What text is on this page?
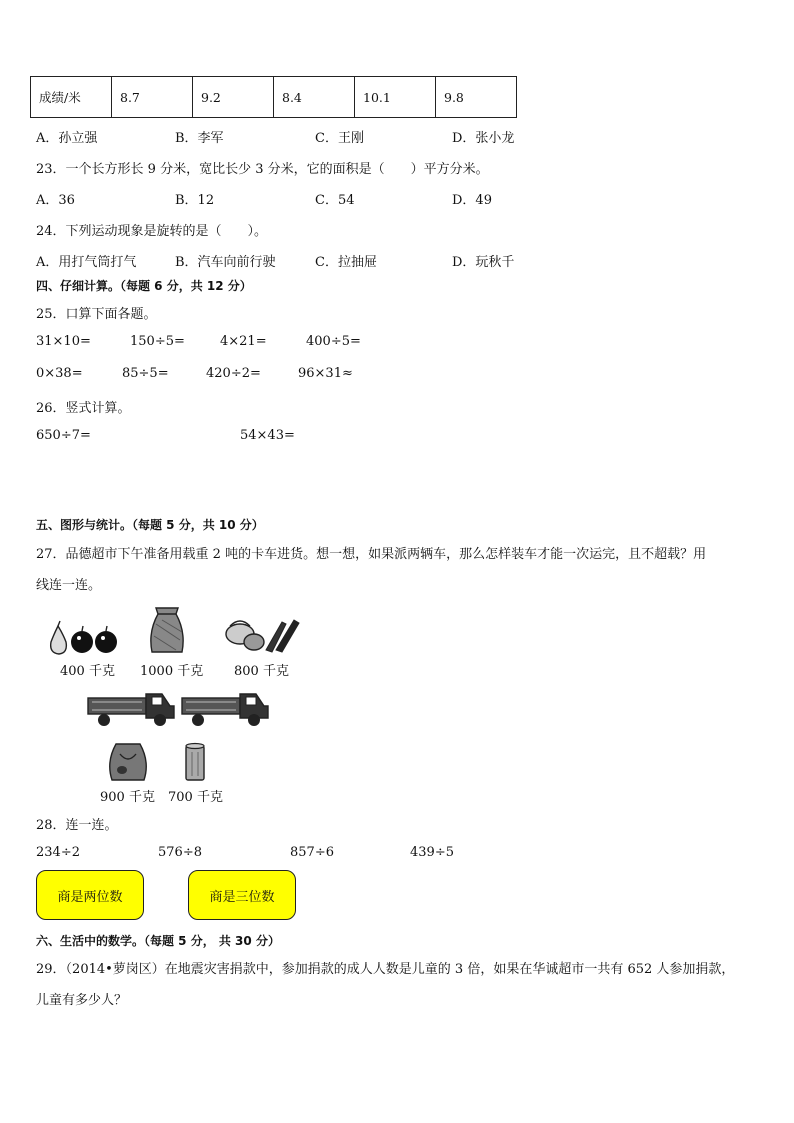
成绩/米	8.7	9.2	8.4	10.1	9.8
A．孙立强	B．李军	C．王刚	D．张小龙
23．一个长方形长 9 分米，宽比长少 3 分米，它的面积是（　　）平方分米。
A．36	B．12	C．54	D．49
24．下列运动现象是旋转的是（　　）。
A．用打气筒打气	B．汽车向前行驶	C．拉抽屉	D．玩秋千
四、仔细计算。（每题 6 分，共 12 分）
25．口算下面各题。
31×10=	150÷5=	4×21=	400÷5=
0×38=	85÷5=	420÷2=	96×31≈
26．竖式计算。
650÷7=	54×43=
五、图形与统计。（每题 5 分，共 10 分）
27．品德超市下午准备用载重 2 吨的卡车进货。想一想，如果派两辆车，那么怎样装车才能一次运完，且不超载？用
线连一连。
400 千克 1000 千克 800 千克
900 千克 700 千克
28．连一连。
234÷2	576÷8	857÷6	439÷5
商是两位数	商是三位数
六、生活中的数学。（每题 5 分， 共 30 分）
29．（2014•萝岗区）在地震灾害捐款中，参加捐款的成人人数是儿童的 3 倍，如果在华诚超市一共有 652 人参加捐款，
儿童有多少人？
